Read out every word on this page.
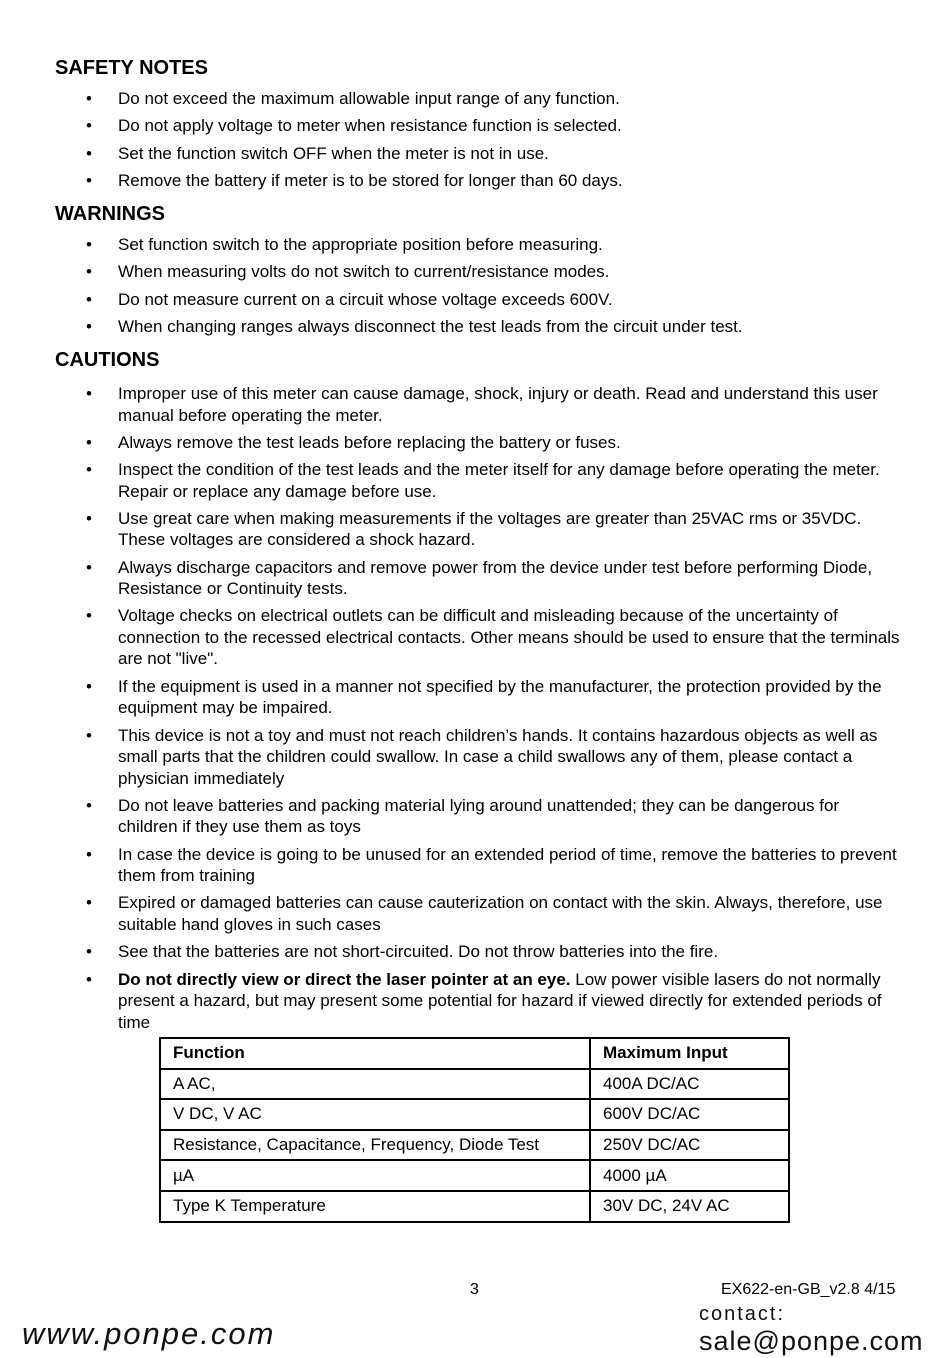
SAFETY NOTES
• Do not exceed the maximum allowable input range of any function.
• Do not apply voltage to meter when resistance function is selected.
• Set the function switch OFF when the meter is not in use.
• Remove the battery if meter is to be stored for longer than 60 days.
WARNINGS
• Set function switch to the appropriate position before measuring.
• When measuring volts do not switch to current/resistance modes.
• Do not measure current on a circuit whose voltage exceeds 600V.
• When changing ranges always disconnect the test leads from the circuit under test.
CAUTIONS
• Improper use of this meter can cause damage, shock, injury or death. Read and understand this user manual before operating the meter.
• Always remove the test leads before replacing the battery or fuses.
• Inspect the condition of the test leads and the meter itself for any damage before operating the meter. Repair or replace any damage before use.
• Use great care when making measurements if the voltages are greater than 25VAC rms or 35VDC. These voltages are considered a shock hazard.
• Always discharge capacitors and remove power from the device under test before performing Diode, Resistance or Continuity tests.
• Voltage checks on electrical outlets can be difficult and misleading because of the uncertainty of connection to the recessed electrical contacts. Other means should be used to ensure that the terminals are not "live".
• If the equipment is used in a manner not specified by the manufacturer, the protection provided by the equipment may be impaired.
• This device is not a toy and must not reach children’s hands. It contains hazardous objects as well as small parts that the children could swallow. In case a child swallows any of them, please contact a physician immediately
• Do not leave batteries and packing material lying around unattended; they can be dangerous for children if they use them as toys
• In case the device is going to be unused for an extended period of time, remove the batteries to prevent them from training
• Expired or damaged batteries can cause cauterization on contact with the skin. Always, therefore, use suitable hand gloves in such cases
• See that the batteries are not short-circuited. Do not throw batteries into the fire.
• Do not directly view or direct the laser pointer at an eye. Low power visible lasers do not normally present a hazard, but may present some potential for hazard if viewed directly for extended periods of time
Function	Maximum Input
A AC,	400A DC/AC
V DC, V AC	600V DC/AC
Resistance, Capacitance, Frequency, Diode Test	250V DC/AC
µA	4000 µA
Type K Temperature	30V DC, 24V AC
3	EX622-en-GB_v2.8 4/15
www.ponpe.com
contact:
sale@ponpe.com
